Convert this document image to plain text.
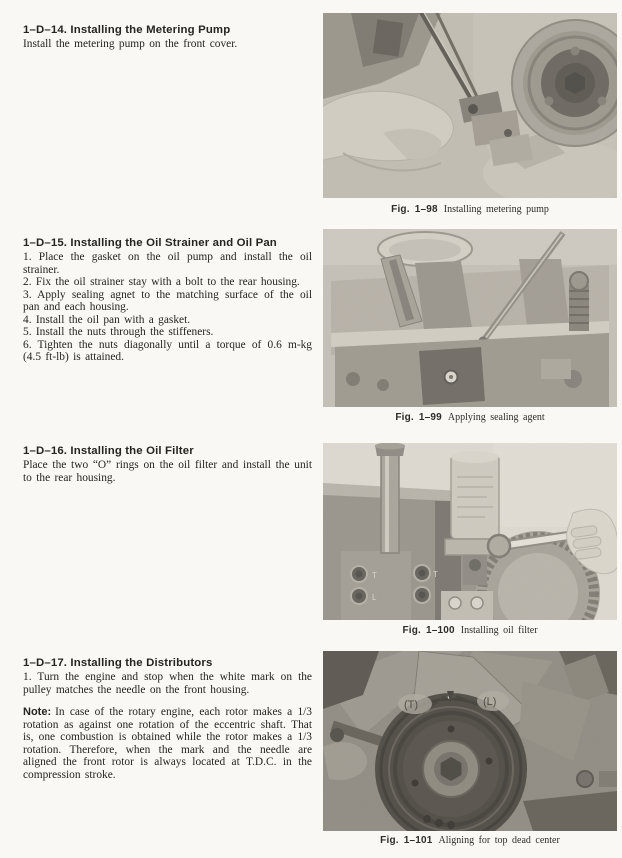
1–D–14. Installing the Metering Pump

Install the metering pump on the front cover.

1–D–15. Installing the Oil Strainer and Oil Pan

1. Place the gasket on the oil pump and install the oil strainer.

2. Fix the oil strainer stay with a bolt to the rear housing.

3. Apply sealing agnet to the matching surface of the oil pan and each housing.

4. Install the oil pan with a gasket.

5. Install the nuts through the stiffeners.

6. Tighten the nuts diagonally until a torque of 0.6 m-kg (4.5 ft-lb) is attained.

1–D–16. Installing the Oil Filter

Place the two “O” rings on the oil filter and install the unit to the rear housing.

1–D–17. Installing the Distributors

1. Turn the engine and stop when the white mark on the pulley matches the needle on the front housing.

Note: In case of the rotary engine, each rotor makes a 1/3 rotation as against one rotation of the eccentric shaft. That is, one combustion is obtained while the rotor makes a 1/3 rotation. Therefore, when the mark and the needle are aligned the front rotor is always located at T.D.C. in the compression stroke.

Fig. 1–98 Installing metering pump
Fig. 1–99 Applying sealing agent
T
L
T
Fig. 1–100 Installing oil filter
(T)	(L)
Fig. 1–101 Aligning for top dead center
